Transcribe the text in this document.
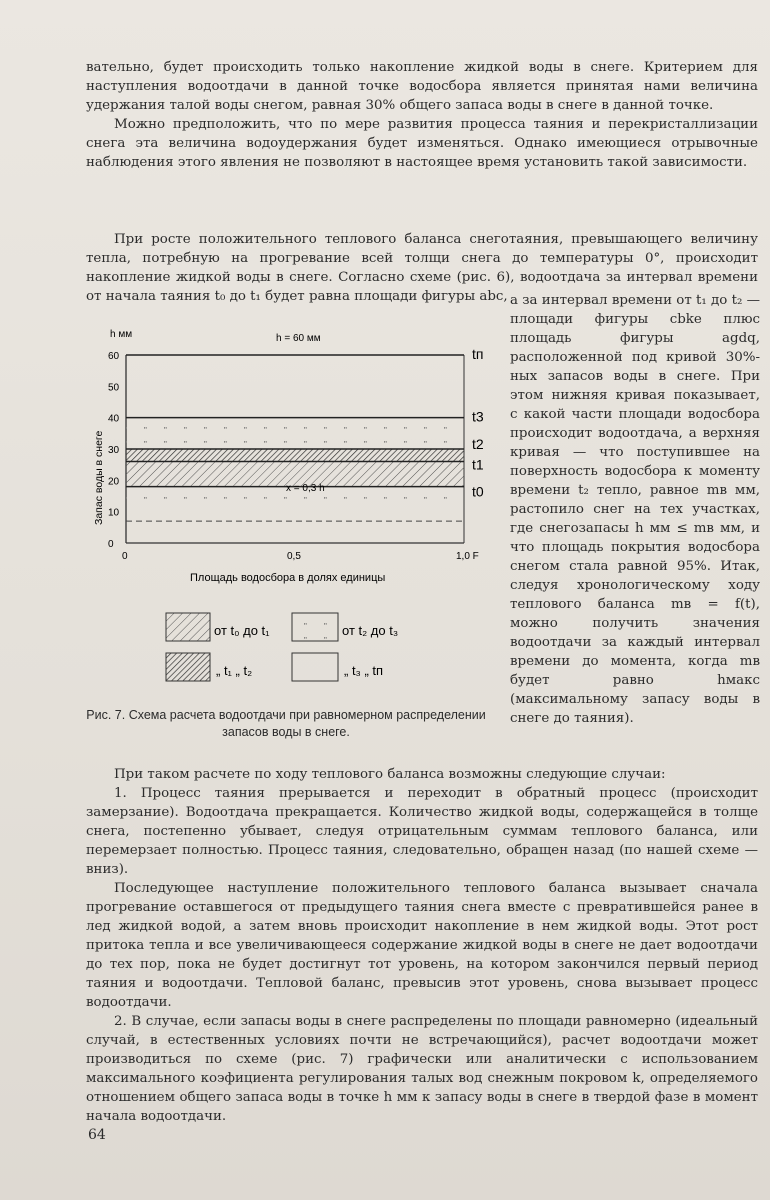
вательно, будет происходить только накопление жидкой воды в снеге. Критерием для наступления водоотдачи в данной точке водосбора является принятая нами величина удержания талой воды снегом, равная 30% общего запаса воды в снеге в данной точке.

Можно предположить, что по мере развития процесса таяния и перекристаллизации снега эта величина водоудержания будет изменяться. Однако имеющиеся отрывочные наблюдения этого явления не позволяют в настоящее время установить такой зависимости.

При росте положительного теплового баланса снеготаяния, превышающего величину тепла, потребную на прогревание всей толщи снега до температуры 0°, происходит накопление жидкой воды в снеге. Согласно схеме (рис. 6), водоотдача за интервал времени от начала таяния t₀ до t₁ будет равна площади фигуры abc, а за интервал времени от t₁ до t₂ — площади фигуры cbke плюс площадь фигуры agdq, расположенной под кривой 30%-ных запасов воды в снеге. При этом нижняя кривая показывает, с какой части площади водосбора происходит водоотдача, а верхняя кривая — что поступившее на поверхность водосбора к моменту времени t₂ тепло, равное mв мм, растопило снег на тех участках, где снегозапасы h мм ≤ mв мм, и что площадь покрытия водосбора снегом стала равной 95%. Итак, следуя хронологическому ходу теплового баланса mв = f(t), можно получить значения водоотдачи за каждый интервал времени до момента, когда mв будет равно hмакс (максимальному запасу воды в снеге до таяния).
h мм
Запас воды в снеге
60
50
40
30
20
10
0
0	0,5	1,0 F
tп
t3
t2
t1
t0
h = 60 мм
x = 0,3 h
Площадь водосбора в долях единицы
от t₀ до t₁	от t₂ до t₃
„ t₁ „ t₂	„ t₃ „ tп
Рис. 7. Схема расчета водоотдачи при равномерном распределении запасов воды в снеге.

При таком расчете по ходу теплового баланса возможны следующие случаи:

1. Процесс таяния прерывается и переходит в обратный процесс (происходит замерзание). Водоотдача прекращается. Количество жидкой воды, содержащейся в толще снега, постепенно убывает, следуя отрицательным суммам теплового баланса, или перемерзает полностью. Процесс таяния, следовательно, обращен назад (по нашей схеме — вниз).

Последующее наступление положительного теплового баланса вызывает сначала прогревание оставшегося от предыдущего таяния снега вместе с превратившейся ранее в лед жидкой водой, а затем вновь происходит накопление в нем жидкой воды. Этот рост притока тепла и все увеличивающееся содержание жидкой воды в снеге не дает водоотдачи до тех пор, пока не будет достигнут тот уровень, на котором закончился первый период таяния и водоотдачи. Тепловой баланс, превысив этот уровень, снова вызывает процесс водоотдачи.

2. В случае, если запасы воды в снеге распределены по площади равномерно (идеальный случай, в естественных условиях почти не встречающийся), расчет водоотдачи может производиться по схеме (рис. 7) графически или аналитически с использованием максимального коэфициента регулирования талых вод снежным покровом k, определяемого отношением общего запаса воды в точке h мм к запасу воды в снеге в твердой фазе в момент начала водоотдачи.

64
